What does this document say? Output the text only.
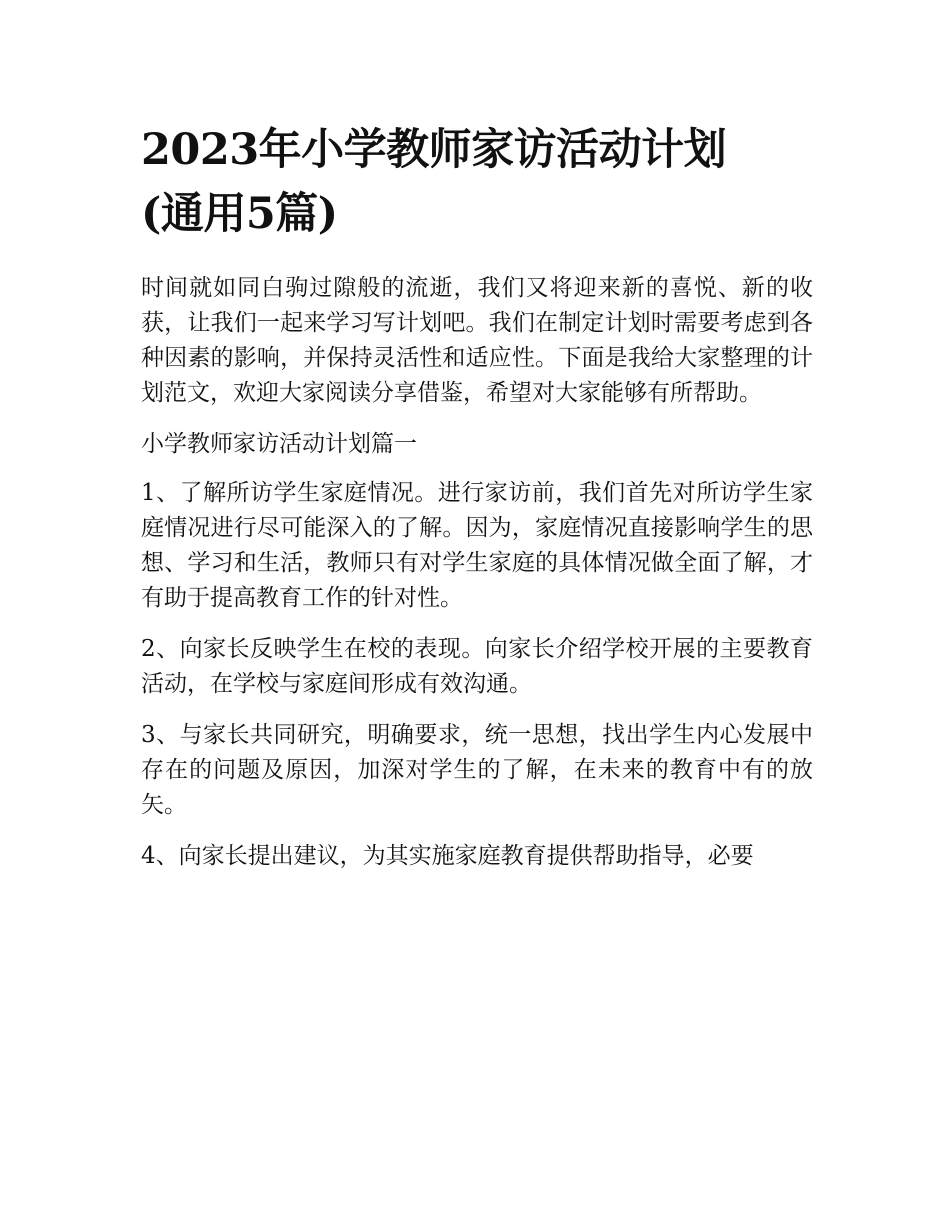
2023年小学教师家访活动计划
(通用5篇)

时间就如同白驹过隙般的流逝，我们又将迎来新的喜悦、新的收获，让我们一起来学习写计划吧。我们在制定计划时需要考虑到各种因素的影响，并保持灵活性和适应性。下面是我给大家整理的计划范文，欢迎大家阅读分享借鉴，希望对大家能够有所帮助。

小学教师家访活动计划篇一

1、了解所访学生家庭情况。进行家访前，我们首先对所访学生家庭情况进行尽可能深入的了解。因为，家庭情况直接影响学生的思想、学习和生活，教师只有对学生家庭的具体情况做全面了解，才有助于提高教育工作的针对性。

2、向家长反映学生在校的表现。向家长介绍学校开展的主要教育活动，在学校与家庭间形成有效沟通。

3、与家长共同研究，明确要求，统一思想，找出学生内心发展中存在的问题及原因，加深对学生的了解，在未来的教育中有的放矢。

4、向家长提出建议，为其实施家庭教育提供帮助指导，必要
